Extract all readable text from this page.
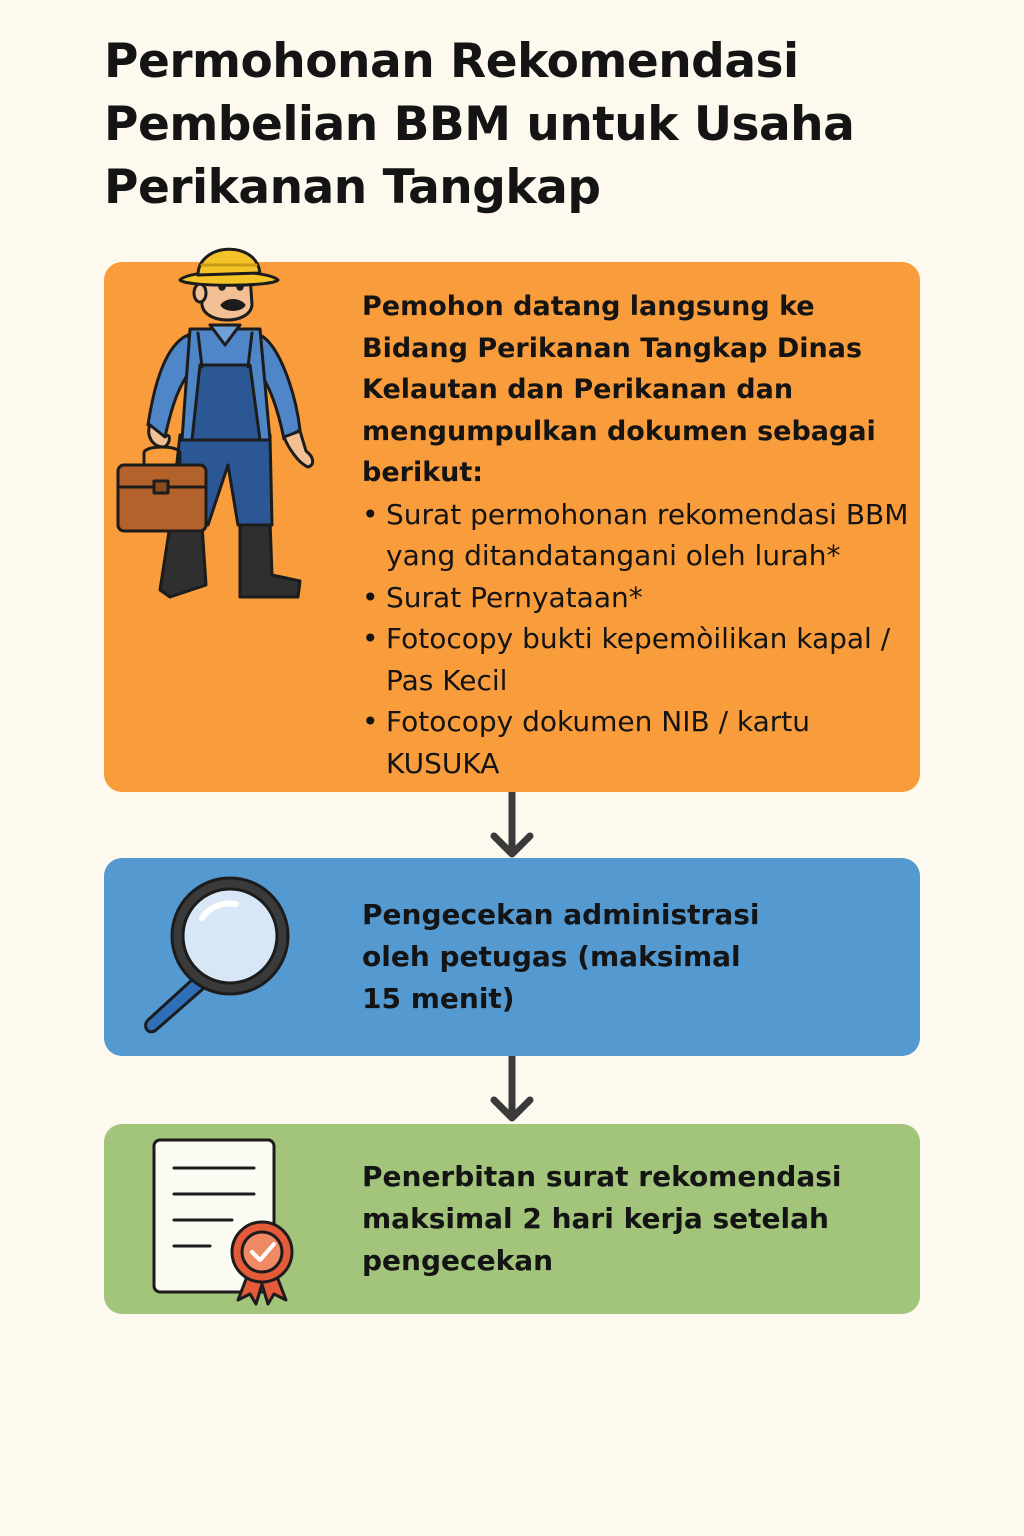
Permohonan Rekomendasi Pembelian BBM untuk Usaha Perikanan Tangkap

Pemohon datang langsung ke Bidang Perikanan Tangkap Dinas Kelautan dan Perikanan dan mengumpulkan dokumen sebagai berikut:

• Surat permohonan rekomendasi BBM yang ditandatangani oleh lurah*
• Surat Pernyataan*
• Fotocopy bukti kepemòilikan kapal / Pas Kecil
• Fotocopy dokumen NIB / kartu KUSUKA

Pengecekan administrasi oleh petugas (maksimal 15 menit)

Penerbitan surat rekomendasi maksimal 2 hari kerja setelah pengecekan
